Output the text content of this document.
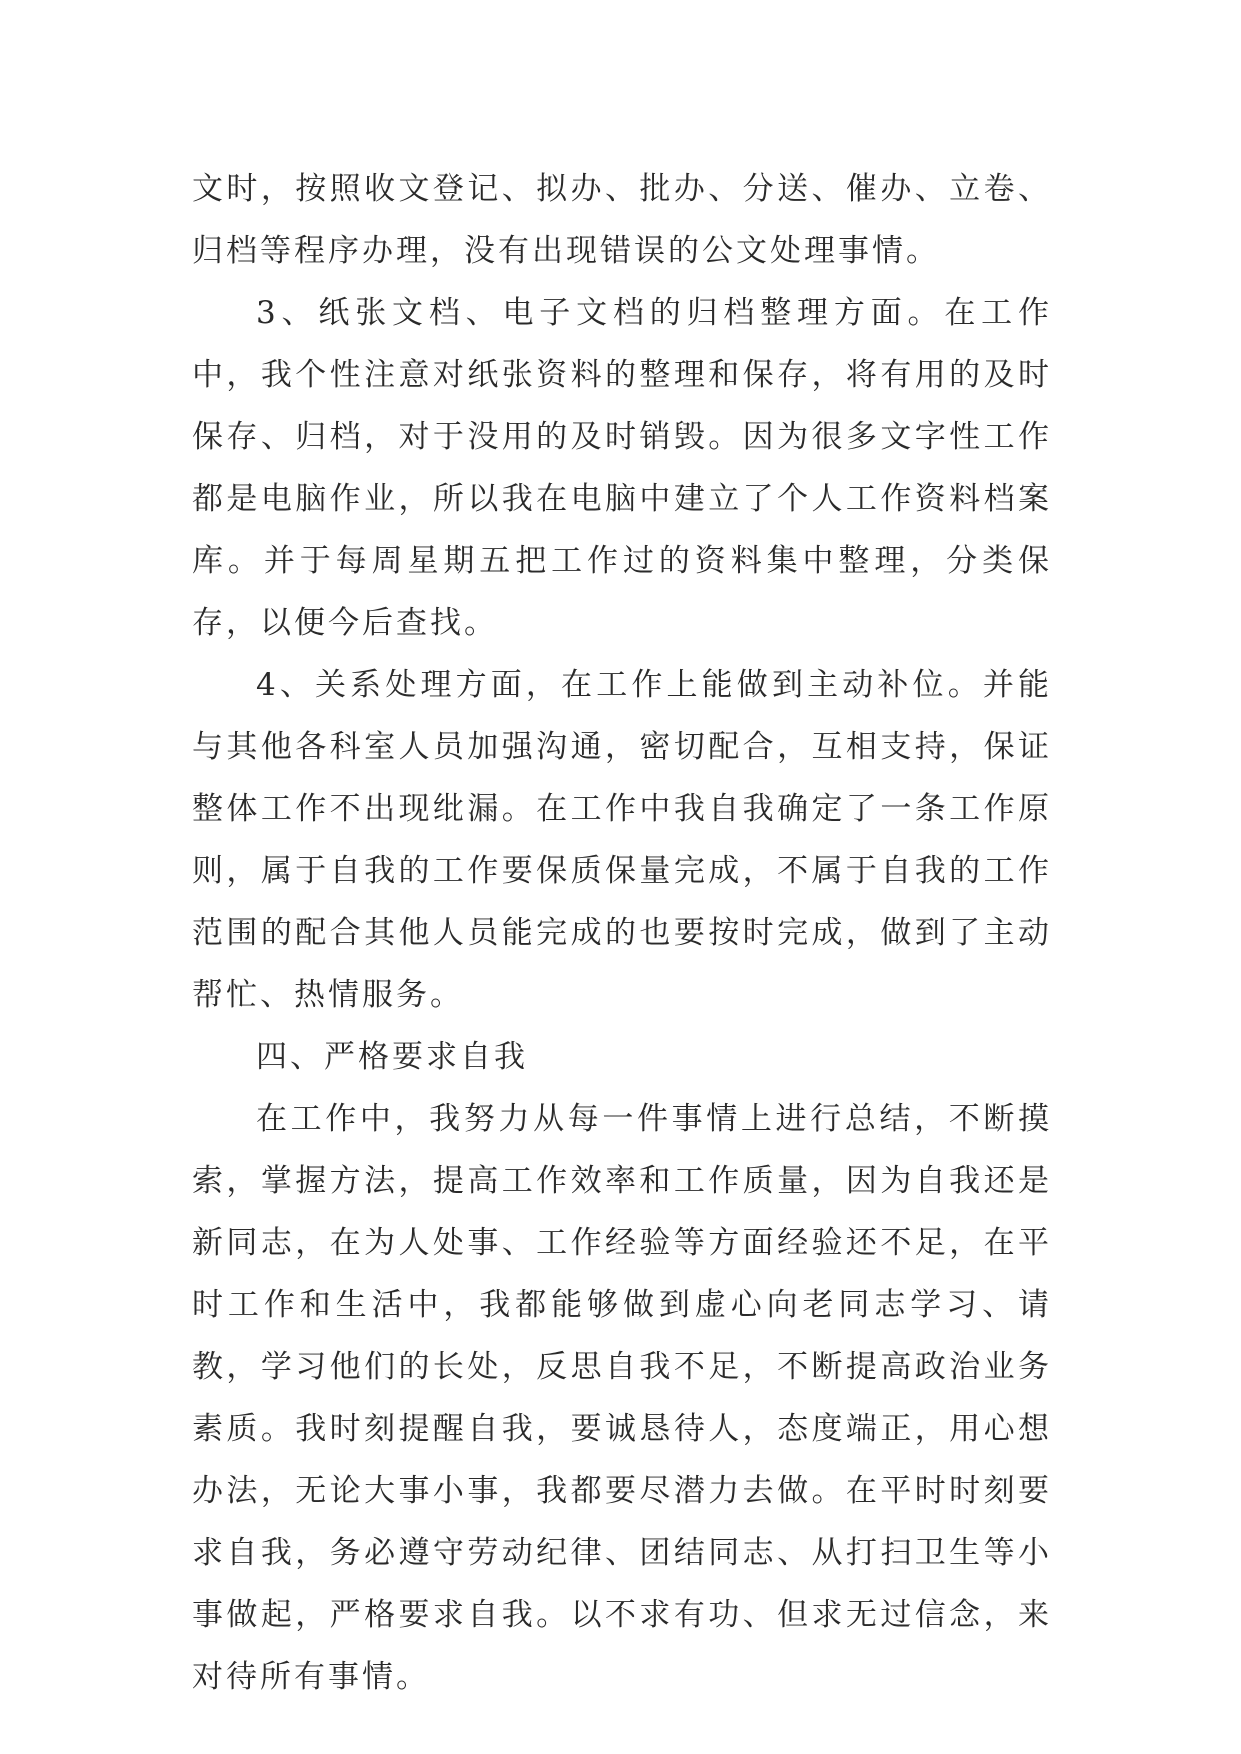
文时，按照收文登记、拟办、批办、分送、催办、立卷、归档等程序办理，没有出现错误的公文处理事情。

3、纸张文档、电子文档的归档整理方面。在工作中，我个性注意对纸张资料的整理和保存，将有用的及时保存、归档，对于没用的及时销毁。因为很多文字性工作都是电脑作业，所以我在电脑中建立了个人工作资料档案库。并于每周星期五把工作过的资料集中整理，分类保存，以便今后查找。

4、关系处理方面，在工作上能做到主动补位。并能与其他各科室人员加强沟通，密切配合，互相支持，保证整体工作不出现纰漏。在工作中我自我确定了一条工作原则，属于自我的工作要保质保量完成，不属于自我的工作范围的配合其他人员能完成的也要按时完成，做到了主动帮忙、热情服务。

四、严格要求自我

在工作中，我努力从每一件事情上进行总结，不断摸索，掌握方法，提高工作效率和工作质量，因为自我还是新同志，在为人处事、工作经验等方面经验还不足，在平时工作和生活中，我都能够做到虚心向老同志学习、请教，学习他们的长处，反思自我不足，不断提高政治业务素质。我时刻提醒自我，要诚恳待人，态度端正，用心想办法，无论大事小事，我都要尽潜力去做。在平时时刻要求自我，务必遵守劳动纪律、团结同志、从打扫卫生等小事做起，严格要求自我。以不求有功、但求无过信念，来对待所有事情。
